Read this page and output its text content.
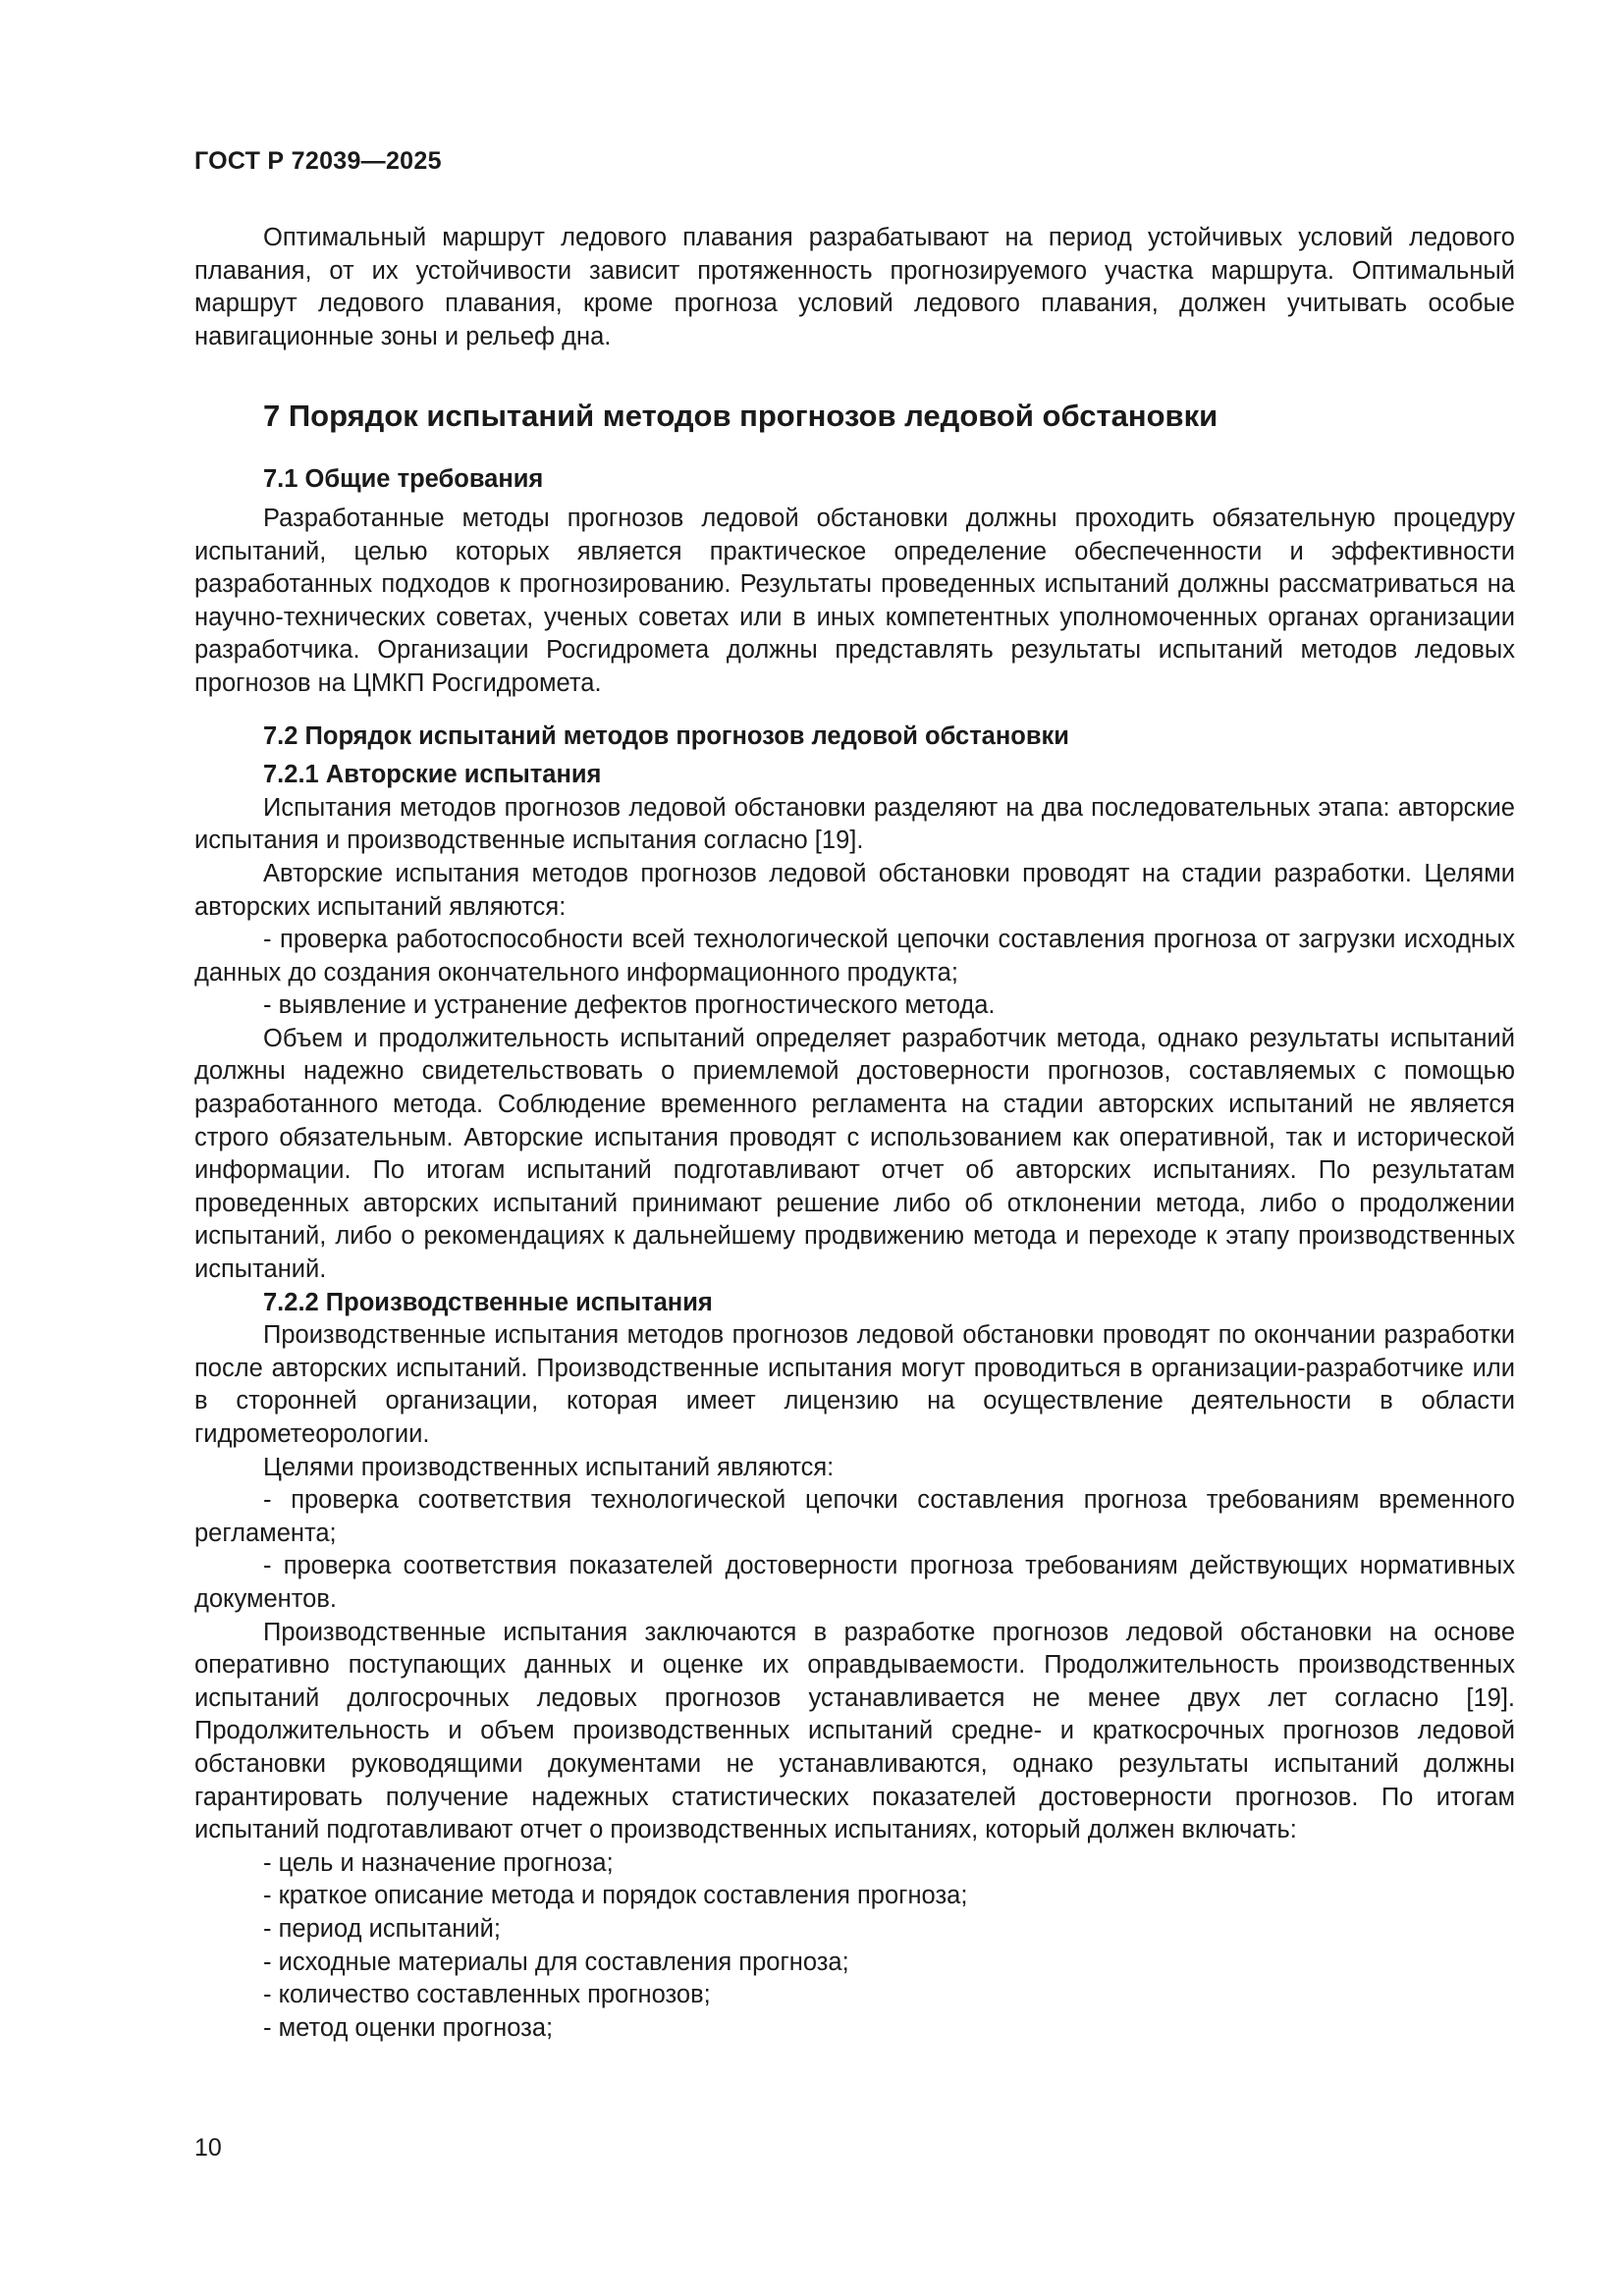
ГОСТ Р 72039—2025

Оптимальный маршрут ледового плавания разрабатывают на период устойчивых условий ледового плавания, от их устойчивости зависит протяженность прогнозируемого участка маршрута. Оптимальный маршрут ледового плавания, кроме прогноза условий ледового плавания, должен учитывать особые навигационные зоны и рельеф дна.

7 Порядок испытаний методов прогнозов ледовой обстановки
7.1 Общие требования

Разработанные методы прогнозов ледовой обстановки должны проходить обязательную процедуру испытаний, целью которых является практическое определение обеспеченности и эффективности разработанных подходов к прогнозированию. Результаты проведенных испытаний должны рассматриваться на научно-технических советах, ученых советах или в иных компетентных уполномоченных органах организации разработчика. Организации Росгидромета должны представлять результаты испытаний методов ледовых прогнозов на ЦМКП Росгидромета.

7.2 Порядок испытаний методов прогнозов ледовой обстановки
7.2.1 Авторские испытания

Испытания методов прогнозов ледовой обстановки разделяют на два последовательных этапа: авторские испытания и производственные испытания согласно [19].

Авторские испытания методов прогнозов ледовой обстановки проводят на стадии разработки. Целями авторских испытаний являются:

- проверка работоспособности всей технологической цепочки составления прогноза от загрузки исходных данных до создания окончательного информационного продукта;

- выявление и устранение дефектов прогностического метода.

Объем и продолжительность испытаний определяет разработчик метода, однако результаты испытаний должны надежно свидетельствовать о приемлемой достоверности прогнозов, составляемых с помощью разработанного метода. Соблюдение временного регламента на стадии авторских испытаний не является строго обязательным. Авторские испытания проводят с использованием как оперативной, так и исторической информации. По итогам испытаний подготавливают отчет об авторских испытаниях. По результатам проведенных авторских испытаний принимают решение либо об отклонении метода, либо о продолжении испытаний, либо о рекомендациях к дальнейшему продвижению метода и переходе к этапу производственных испытаний.

7.2.2 Производственные испытания

Производственные испытания методов прогнозов ледовой обстановки проводят по окончании разработки после авторских испытаний. Производственные испытания могут проводиться в организации-разработчике или в сторонней организации, которая имеет лицензию на осуществление деятельности в области гидрометеорологии.

Целями производственных испытаний являются:

- проверка соответствия технологической цепочки составления прогноза требованиям временного регламента;

- проверка соответствия показателей достоверности прогноза требованиям действующих нормативных документов.

Производственные испытания заключаются в разработке прогнозов ледовой обстановки на основе оперативно поступающих данных и оценке их оправдываемости. Продолжительность производственных испытаний долгосрочных ледовых прогнозов устанавливается не менее двух лет согласно [19]. Продолжительность и объем производственных испытаний средне- и краткосрочных прогнозов ледовой обстановки руководящими документами не устанавливаются, однако результаты испытаний должны гарантировать получение надежных статистических показателей достоверности прогнозов. По итогам испытаний подготавливают отчет о производственных испытаниях, который должен включать:

- цель и назначение прогноза;

- краткое описание метода и порядок составления прогноза;

- период испытаний;

- исходные материалы для составления прогноза;

- количество составленных прогнозов;

- метод оценки прогноза;

10
